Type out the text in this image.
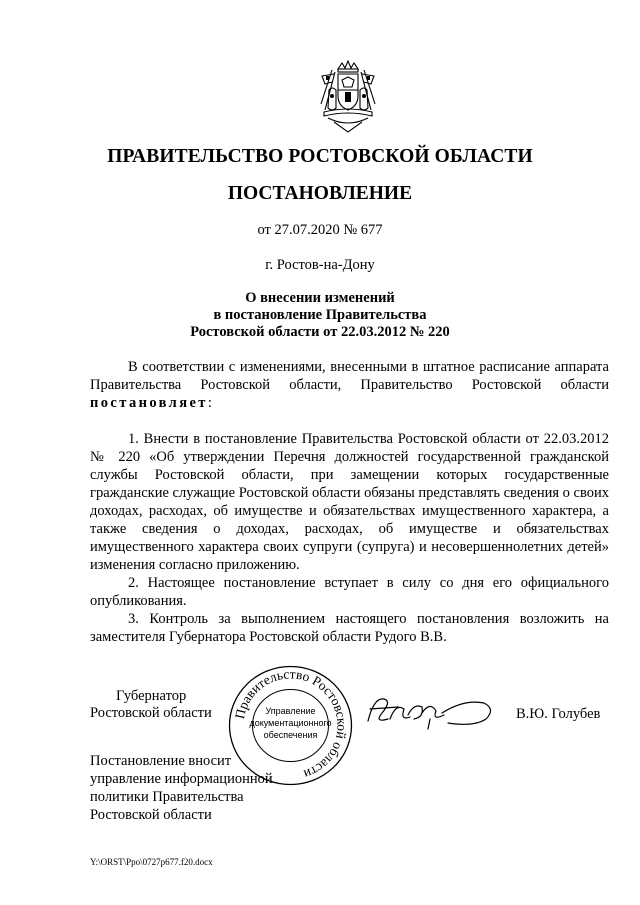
ПРАВИТЕЛЬСТВО РОСТОВСКОЙ ОБЛАСТИ
ПОСТАНОВЛЕНИЕ
от 27.07.2020 № 677
г. Ростов-на-Дону
О внесении изменений
в постановление Правительства
Ростовской области от 22.03.2012 № 220

В соответствии с изменениями, внесенными в штатное расписание аппарата Правительства Ростовской области, Правительство Ростовской области постановляет:

1. Внести в постановление Правительства Ростовской области от 22.03.2012 № 220 «Об утверждении Перечня должностей государственной гражданской службы Ростовской области, при замещении которых государственные гражданские служащие Ростовской области обязаны представлять сведения о своих доходах, расходах, об имуществе и обязательствах имущественного характера, а также сведения о доходах, расходах, об имуществе и обязательствах имущественного характера своих супруги (супруга) и несовершеннолетних детей» изменения согласно приложению.

2. Настоящее постановление вступает в силу со дня его официального опубликования.

3. Контроль за выполнением настоящего постановления возложить на заместителя Губернатора Ростовской области Рудого В.В.

Губернатор
Ростовской области Правительство Ростовской области
Управление
документационного
обеспечения
В.Ю. Голубев
Постановление вносит
управление информационной
политики Правительства
Ростовской области
Y:\ORST\Ppo\0727p677.f20.docx
